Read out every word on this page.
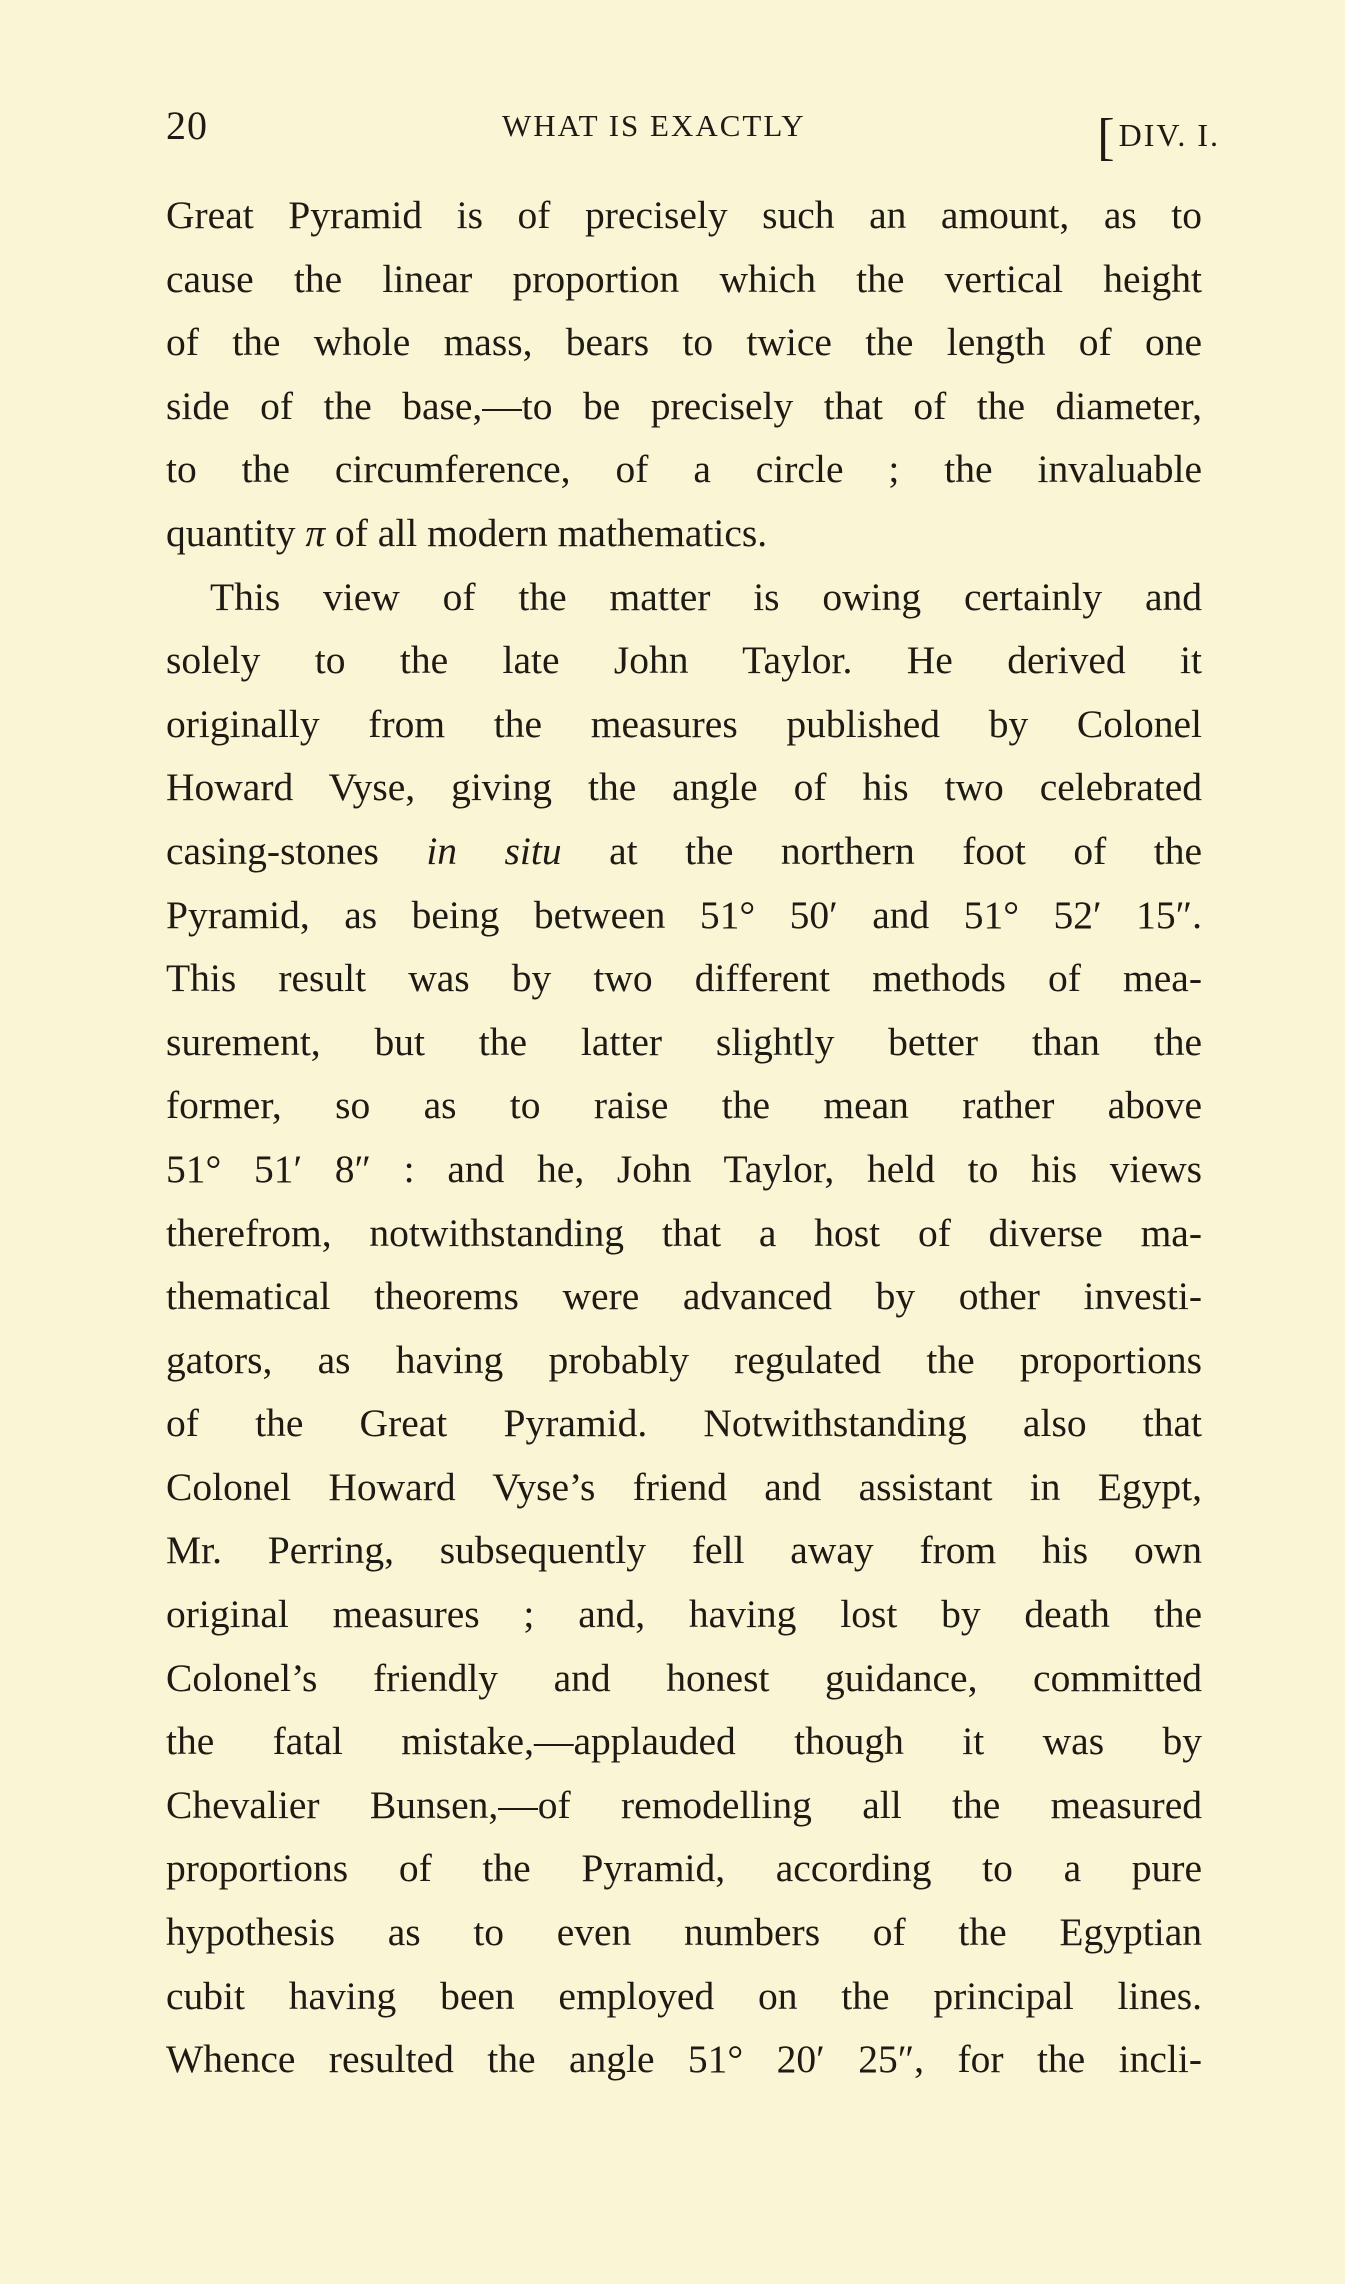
20	WHAT IS EXACTLY	[DIV. I.
Great Pyramid is of precisely such an amount, as to
cause the linear proportion which the vertical height
of the whole mass, bears to twice the length of one
side of the base,—to be precisely that of the diameter,
to the circumference, of a circle ; the invaluable
quantity π of all modern mathematics.
This view of the matter is owing certainly and
solely to the late John Taylor. He derived it
originally from the measures published by Colonel
Howard Vyse, giving the angle of his two celebrated
casing-stones in situ at the northern foot of the
Pyramid, as being between 51° 50′ and 51° 52′ 15″.
This result was by two different methods of mea-
surement, but the latter slightly better than the
former, so as to raise the mean rather above
51° 51′ 8″ : and he, John Taylor, held to his views
therefrom, notwithstanding that a host of diverse ma-
thematical theorems were advanced by other investi-
gators, as having probably regulated the proportions
of the Great Pyramid. Notwithstanding also that
Colonel Howard Vyse’s friend and assistant in Egypt,
Mr. Perring, subsequently fell away from his own
original measures ; and, having lost by death the
Colonel’s friendly and honest guidance, committed
the fatal mistake,—applauded though it was by
Chevalier Bunsen,—of remodelling all the measured
proportions of the Pyramid, according to a pure
hypothesis as to even numbers of the Egyptian
cubit having been employed on the principal lines.
Whence resulted the angle 51° 20′ 25″, for the incli-
